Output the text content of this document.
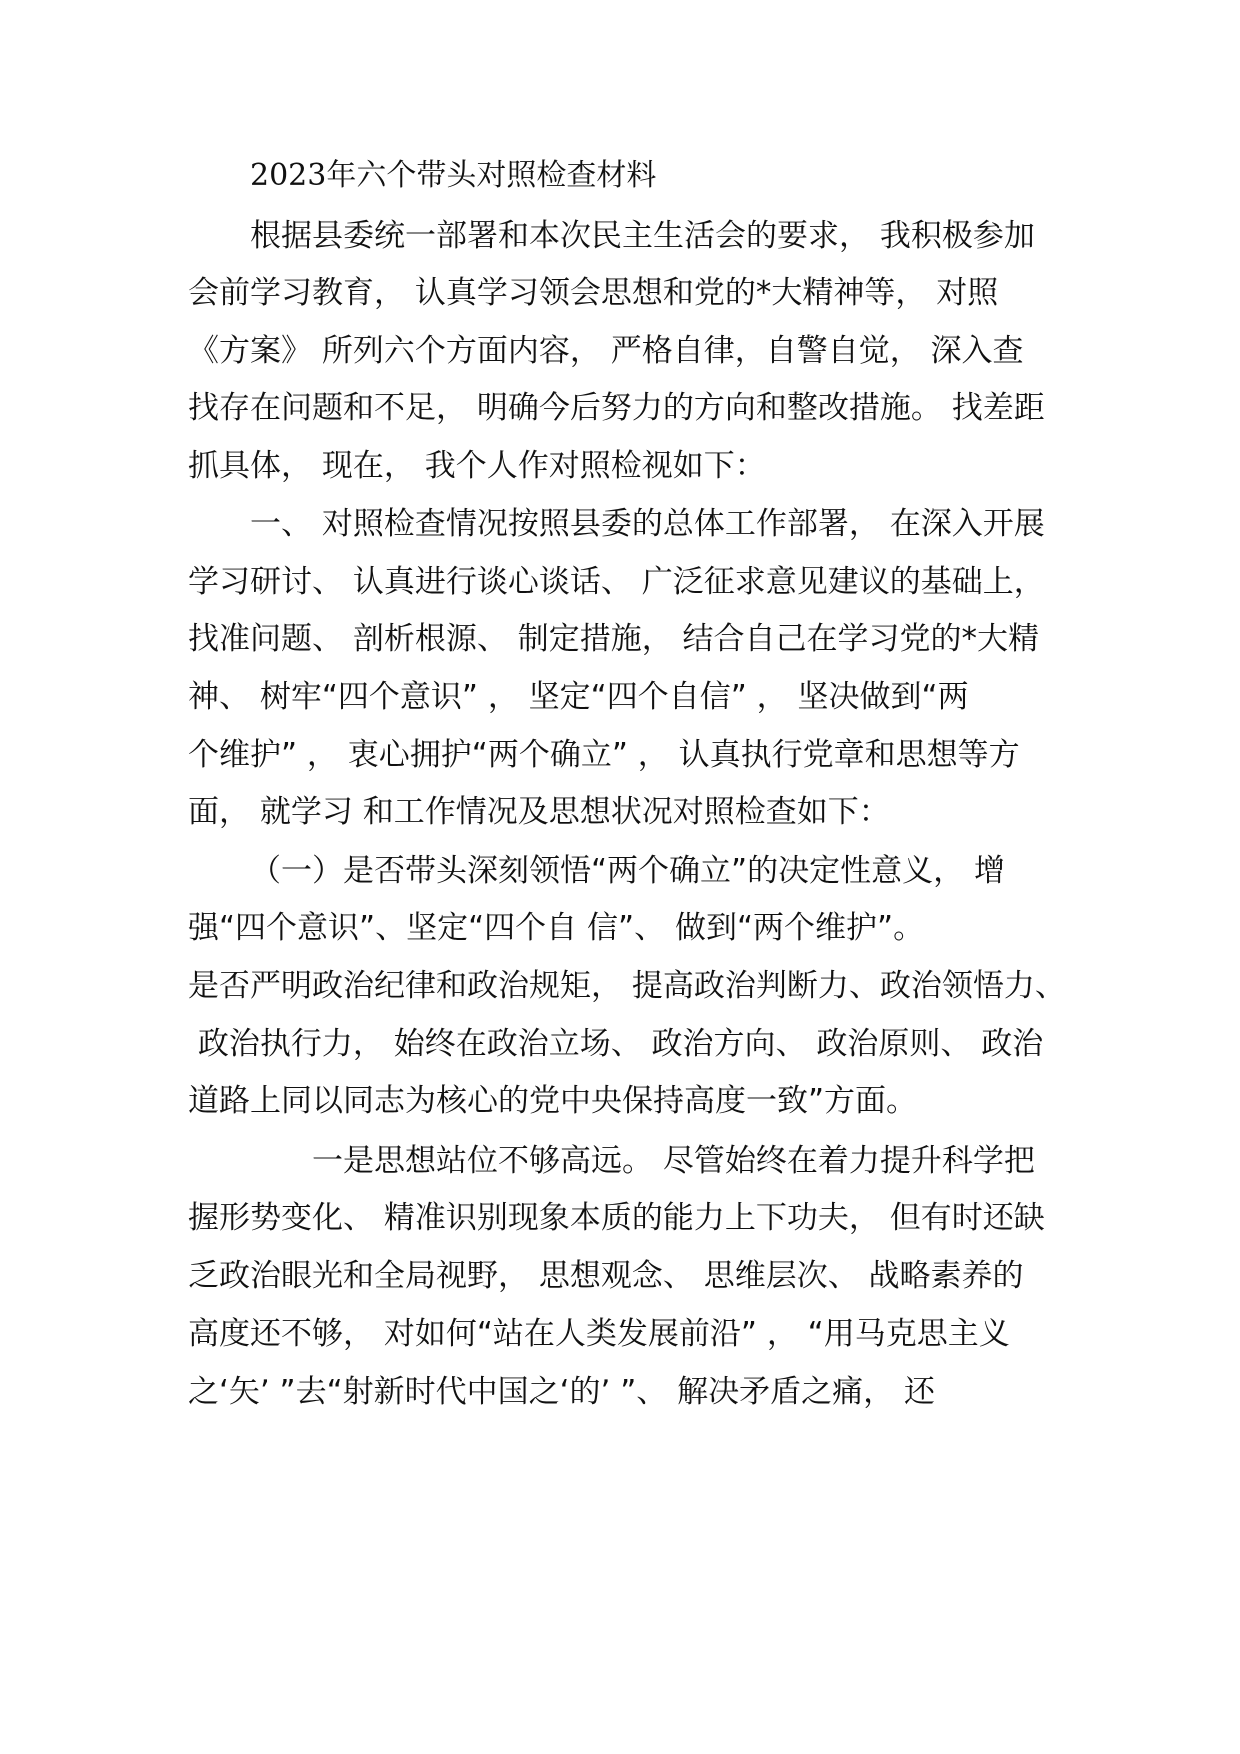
2023年六个带头对照检查材料
根据县委统一部署和本次民主生活会的要求， 我积极参加
会前学习教育， 认真学习领会思想和党的*大精神等， 对照
《方案》 所列六个方面内容， 严格自律，自警自觉， 深入查
找存在问题和不足， 明确今后努力的方向和整改措施。 找差距
抓具体， 现在， 我个人作对照检视如下：
一、 对照检查情况按照县委的总体工作部署， 在深入开展
学习研讨、 认真进行谈心谈话、 广泛征求意见建议的基础上，
找准问题、 剖析根源、 制定措施， 结合自己在学习党的*大精
神、 树牢“四个意识” ， 坚定“四个自信” ， 坚决做到“两
个维护” ， 衷心拥护“两个确立” ， 认真执行党章和思想等方
面， 就学习 和工作情况及思想状况对照检查如下：
（一）是否带头深刻领悟“两个确立”的决定性意义， 增
强“四个意识”、坚定“四个自 信”、 做到“两个维护”。
是否严明政治纪律和政治规矩， 提高政治判断力、政治领悟力、
政治执行力， 始终在政治立场、 政治方向、 政治原则、 政治
道路上同以同志为核心的党中央保持高度一致”方面。
一是思想站位不够高远。 尽管始终在着力提升科学把
握形势变化、 精准识别现象本质的能力上下功夫， 但有时还缺
乏政治眼光和全局视野， 思想观念、 思维层次、 战略素养的
高度还不够， 对如何“站在人类发展前沿” ， “用马克思主义
之‘矢’ ”去“射新时代中国之‘的’ ”、 解决矛盾之痛， 还
